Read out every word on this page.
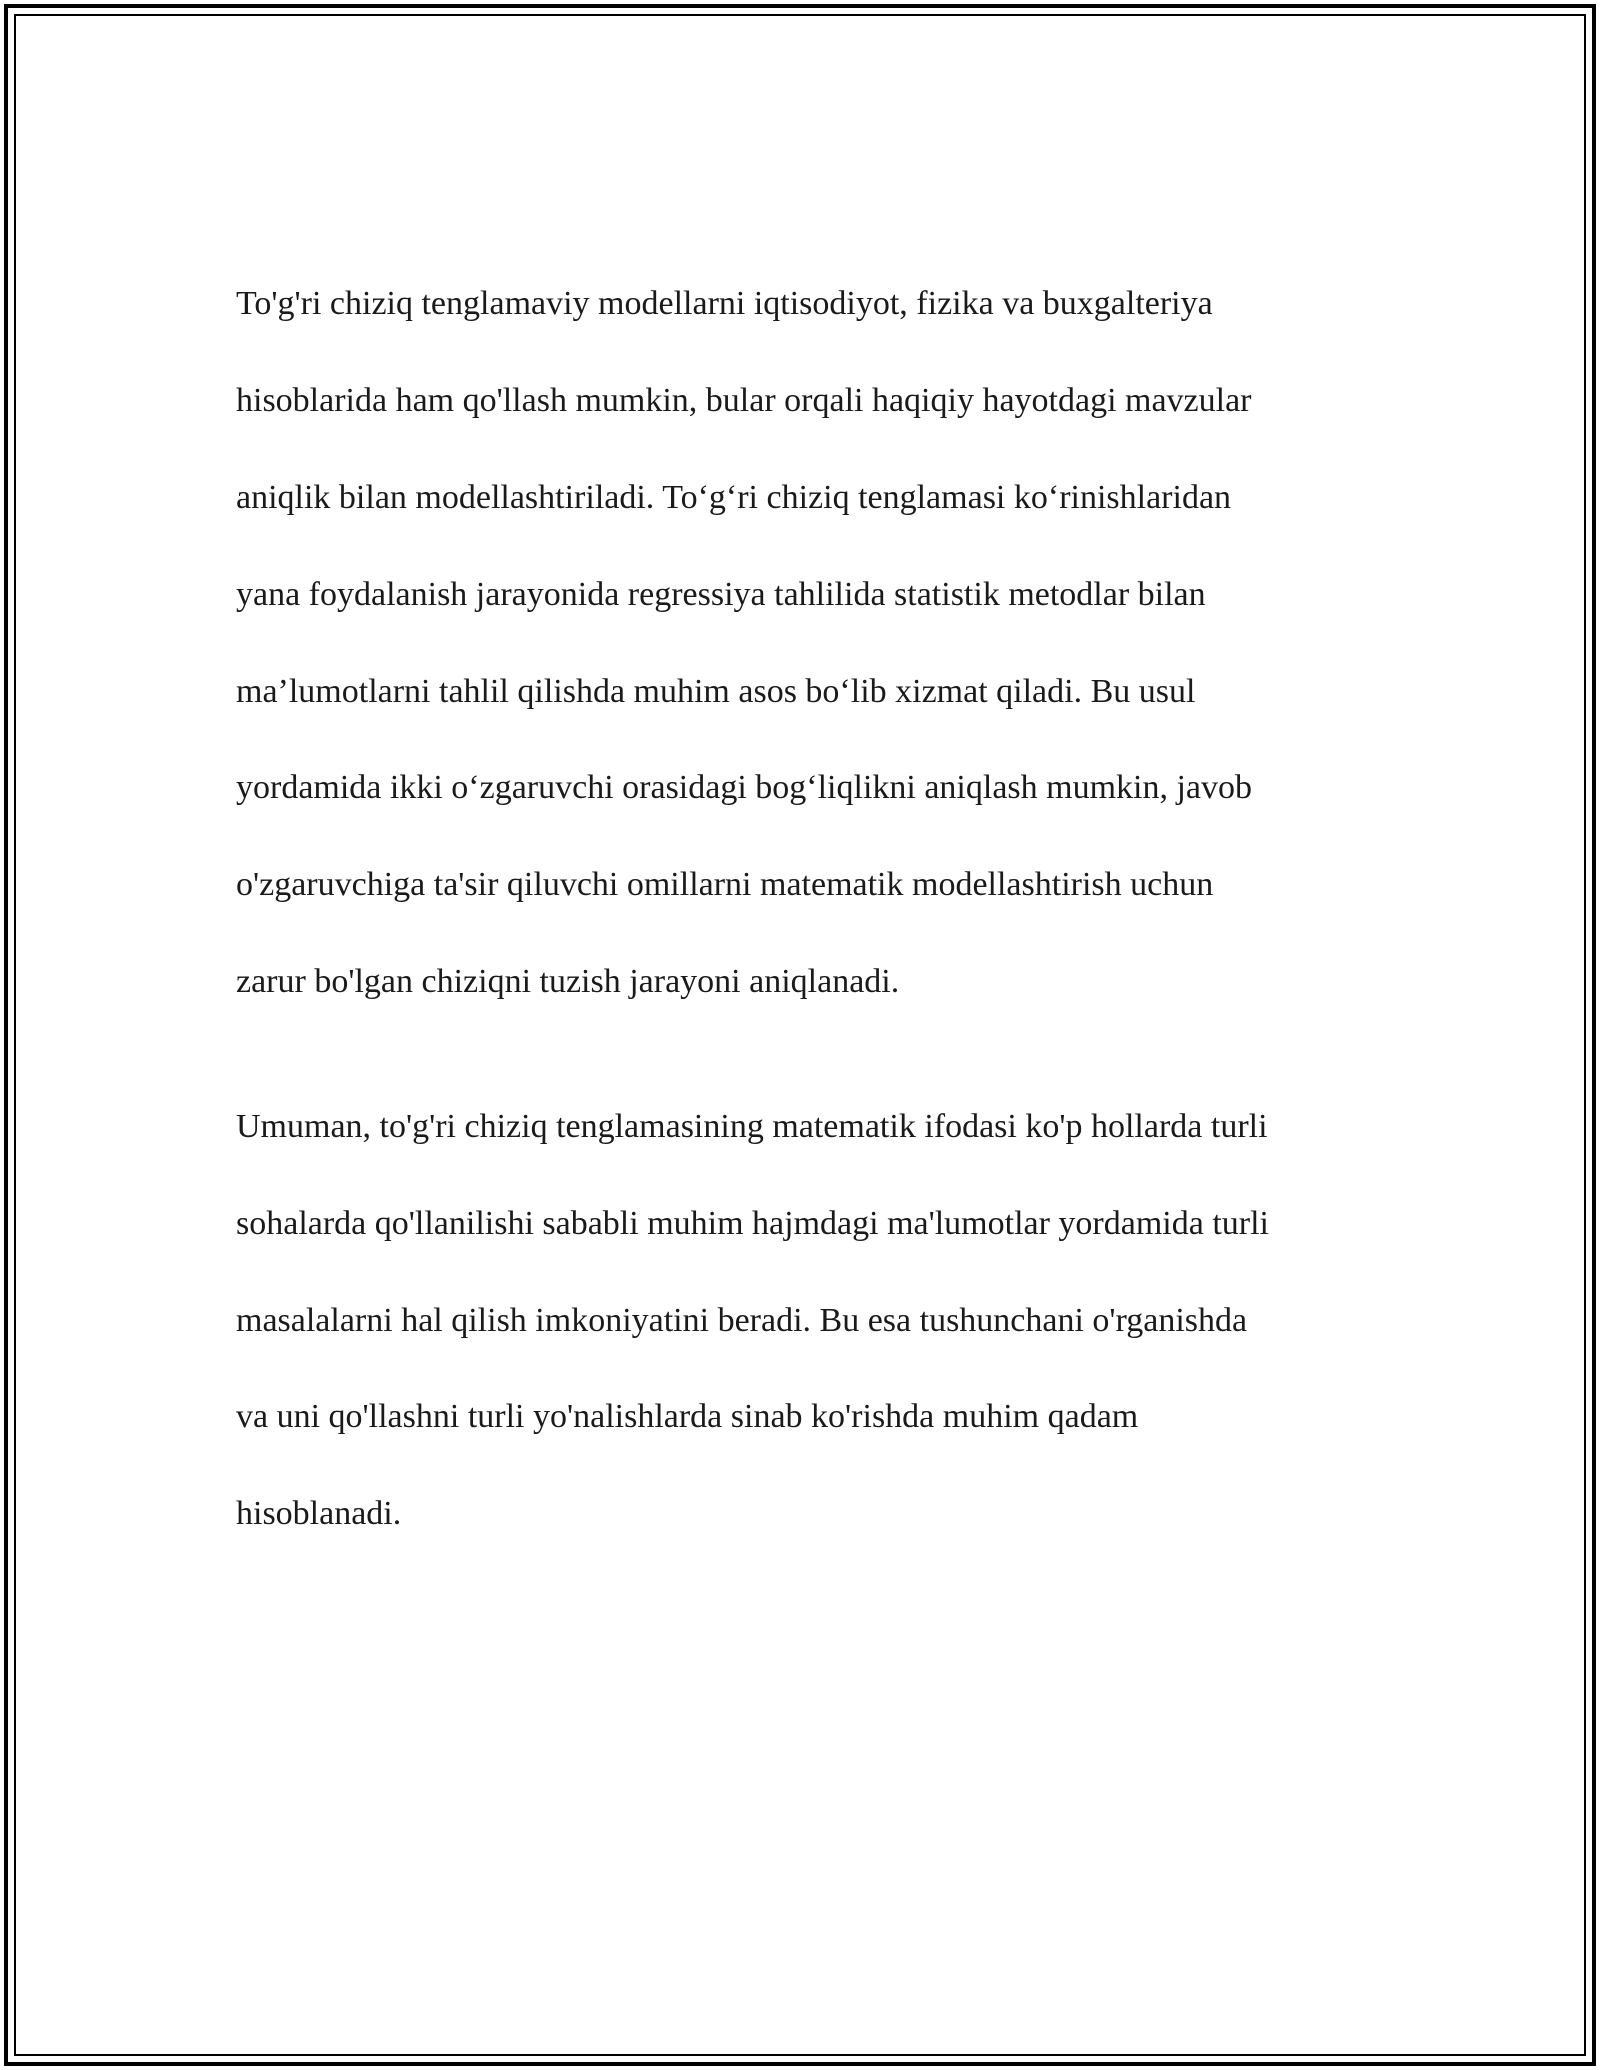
To'g'ri chiziq tenglamaviy modellarni iqtisodiyot, fizika va buxgalteriya

hisoblarida ham qo'llash mumkin, bular orqali haqiqiy hayotdagi mavzular

aniqlik bilan modellashtiriladi. To‘g‘ri chiziq tenglamasi ko‘rinishlaridan

yana foydalanish jarayonida regressiya tahlilida statistik metodlar bilan

ma’lumotlarni tahlil qilishda muhim asos bo‘lib xizmat qiladi. Bu usul

yordamida ikki o‘zgaruvchi orasidagi bog‘liqlikni aniqlash mumkin, javob

o'zgaruvchiga ta'sir qiluvchi omillarni matematik modellashtirish uchun

zarur bo'lgan chiziqni tuzish jarayoni aniqlanadi.

Umuman, to'g'ri chiziq tenglamasining matematik ifodasi ko'p hollarda turli

sohalarda qo'llanilishi sababli muhim hajmdagi ma'lumotlar yordamida turli

masalalarni hal qilish imkoniyatini beradi. Bu esa tushunchani o'rganishda

va uni qo'llashni turli yo'nalishlarda sinab ko'rishda muhim qadam

hisoblanadi.
